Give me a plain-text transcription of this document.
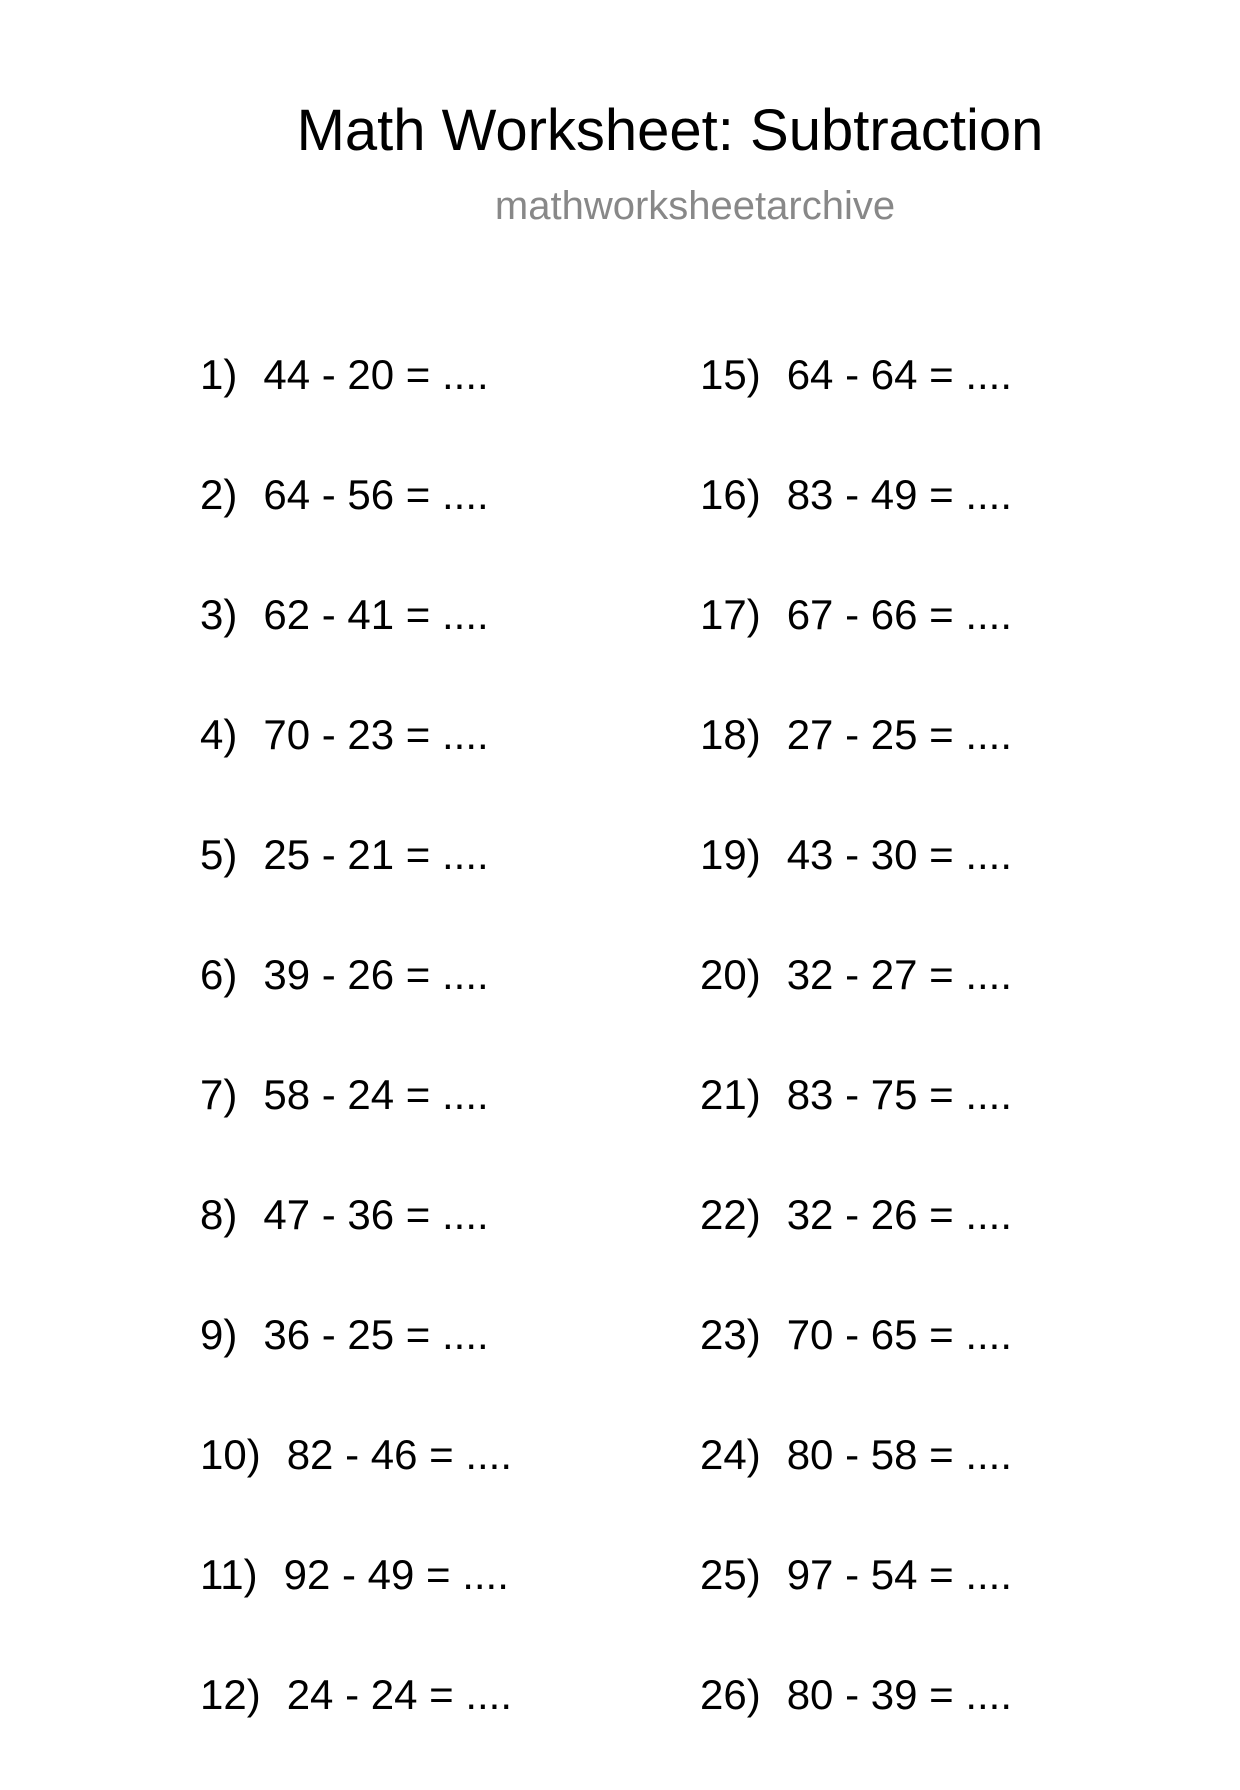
Math Worksheet: Subtraction
mathworksheetarchive
1) 44 - 20 = ....
2) 64 - 56 = ....
3) 62 - 41 = ....
4) 70 - 23 = ....
5) 25 - 21 = ....
6) 39 - 26 = ....
7) 58 - 24 = ....
8) 47 - 36 = ....
9) 36 - 25 = ....
10) 82 - 46 = ....
11) 92 - 49 = ....
12) 24 - 24 = ....
15) 64 - 64 = ....
16) 83 - 49 = ....
17) 67 - 66 = ....
18) 27 - 25 = ....
19) 43 - 30 = ....
20) 32 - 27 = ....
21) 83 - 75 = ....
22) 32 - 26 = ....
23) 70 - 65 = ....
24) 80 - 58 = ....
25) 97 - 54 = ....
26) 80 - 39 = ....
